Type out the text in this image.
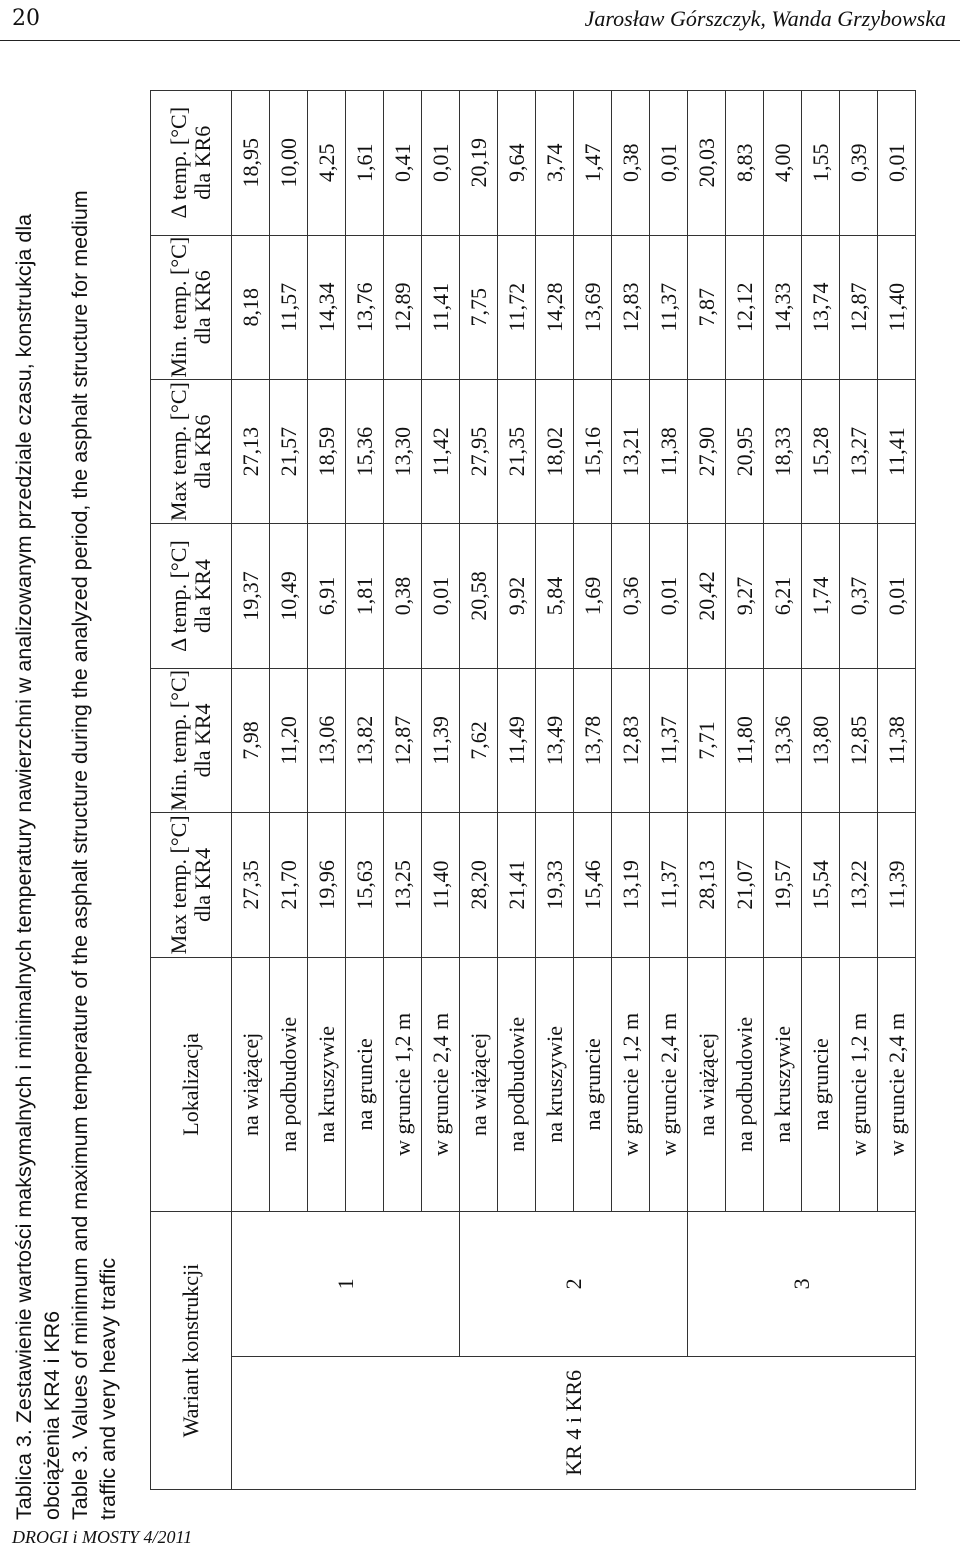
20	Jarosław Górszczyk, Wanda Grzybowska
DROGI i MOSTY 4/2011
Tablica 3. Zestawienie wartości maksymalnych i minimalnych temperatury nawierzchni w analizowanym przedziale czasu, konstrukcja dla obciążenia KR4 i KR6 Table 3. Values of minimum and maximum temperature of the asphalt structure during the analyzed period, the asphalt structure for medium traffic and very heavy traffic	Wariant konstrukcji		Lokalizacja	Max temp. [°C] dla KR4	Min. temp. [°C] dla KR4	Δ temp. [°C] dla KR4	Max temp. [°C] dla KR6	Min. temp. [°C] dla KR6	Δ temp. [°C] dla KR6
KR 4 i KR6	1	na wiążącej	27,35	7,98	19,37	27,13	8,18	18,95
		na podbudowie	21,70	11,20	10,49	21,57	11,57	10,00
		na kruszywie	19,96	13,06	6,91	18,59	14,34	4,25
		na gruncie	15,63	13,82	1,81	15,36	13,76	1,61
		w gruncie 1,2 m	13,25	12,87	0,38	13,30	12,89	0,41
		w gruncie 2,4 m	11,40	11,39	0,01	11,42	11,41	0,01
	2	na wiążącej	28,20	7,62	20,58	27,95	7,75	20,19
		na podbudowie	21,41	11,49	9,92	21,35	11,72	9,64
		na kruszywie	19,33	13,49	5,84	18,02	14,28	3,74
		na gruncie	15,46	13,78	1,69	15,16	13,69	1,47
		w gruncie 1,2 m	13,19	12,83	0,36	13,21	12,83	0,38
		w gruncie 2,4 m	11,37	11,37	0,01	11,38	11,37	0,01
	3	na wiążącej	28,13	7,71	20,42	27,90	7,87	20,03
		na podbudowie	21,07	11,80	9,27	20,95	12,12	8,83
		na kruszywie	19,57	13,36	6,21	18,33	14,33	4,00
		na gruncie	15,54	13,80	1,74	15,28	13,74	1,55
		w gruncie 1,2 m	13,22	12,85	0,37	13,27	12,87	0,39
		w gruncie 2,4 m	11,39	11,38	0,01	11,41	11,40	0,01
